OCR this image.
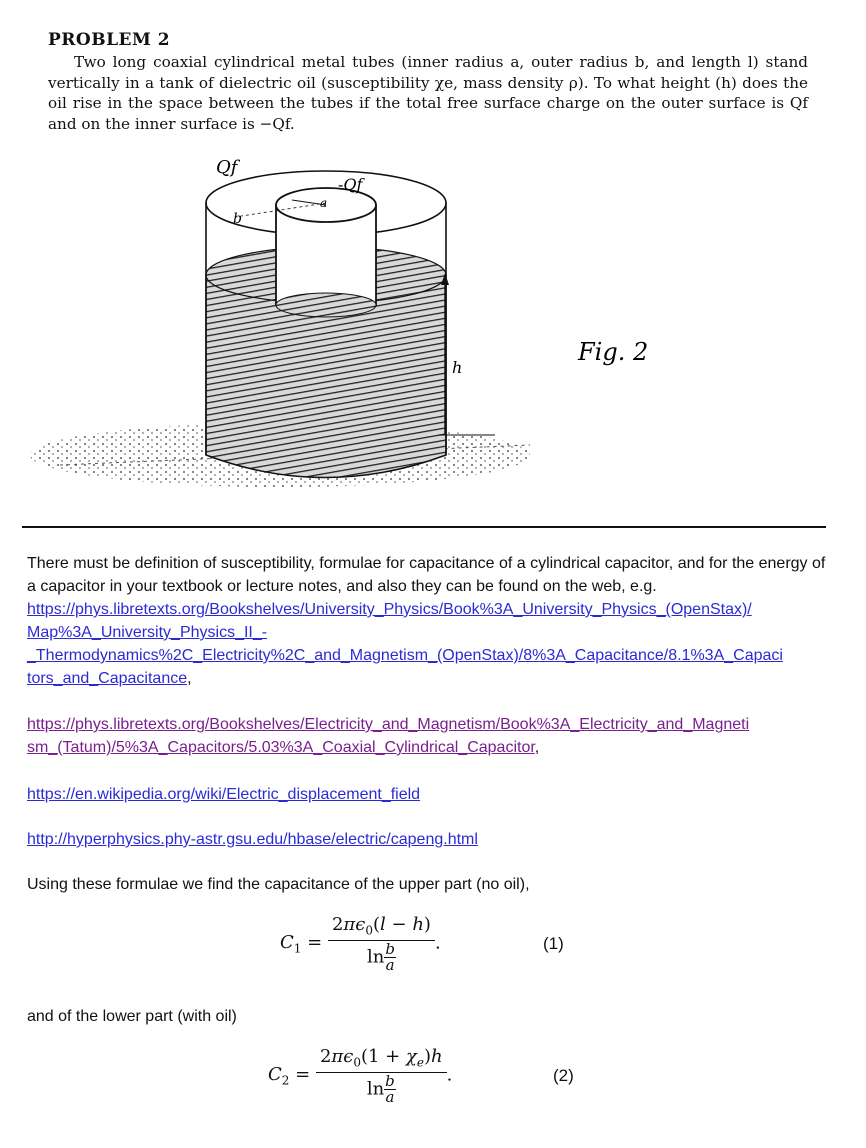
PROBLEM 2

Two long coaxial cylindrical metal tubes (inner radius a, outer radius b, and length l) stand vertically in a tank of dielectric oil (susceptibility χe, mass density ρ). To what height (h) does the oil rise in the space between the tubes if the total free surface charge on the outer surface is Qf and on the inner surface is −Qf.

Qf
-Qf
a
b
h
Fig. 2

There must be definition of susceptibility, formulae for capacitance of a cylindrical capacitor, and for the energy of a capacitor in your textbook or lecture notes, and also they can be found on the web, e.g.

https://phys.libretexts.org/Bookshelves/University_Physics/Book%3A_University_Physics_(OpenStax)/
Map%3A_University_Physics_II_-
_Thermodynamics%2C_Electricity%2C_and_Magnetism_(OpenStax)/8%3A_Capacitance/8.1%3A_Capaci
tors_and_Capacitance,
https://phys.libretexts.org/Bookshelves/Electricity_and_Magnetism/Book%3A_Electricity_and_Magneti
sm_(Tatum)/5%3A_Capacitors/5.03%3A_Coaxial_Cylindrical_Capacitor,
https://en.wikipedia.org/wiki/Electric_displacement_field
http://hyperphysics.phy-astr.gsu.edu/hbase/electric/capeng.html

Using these formulae we find the capacitance of the upper part (no oil),

$C_1 = \frac{2\pi\epsilon_0(l - h)}{\ln \frac{b}{a}}$ .	(1)

and of the lower part (with oil)

$C_2 = \frac{2\pi\epsilon_0(1 + \chi_e)h}{\ln \frac{b}{a}}$ .	(2)
